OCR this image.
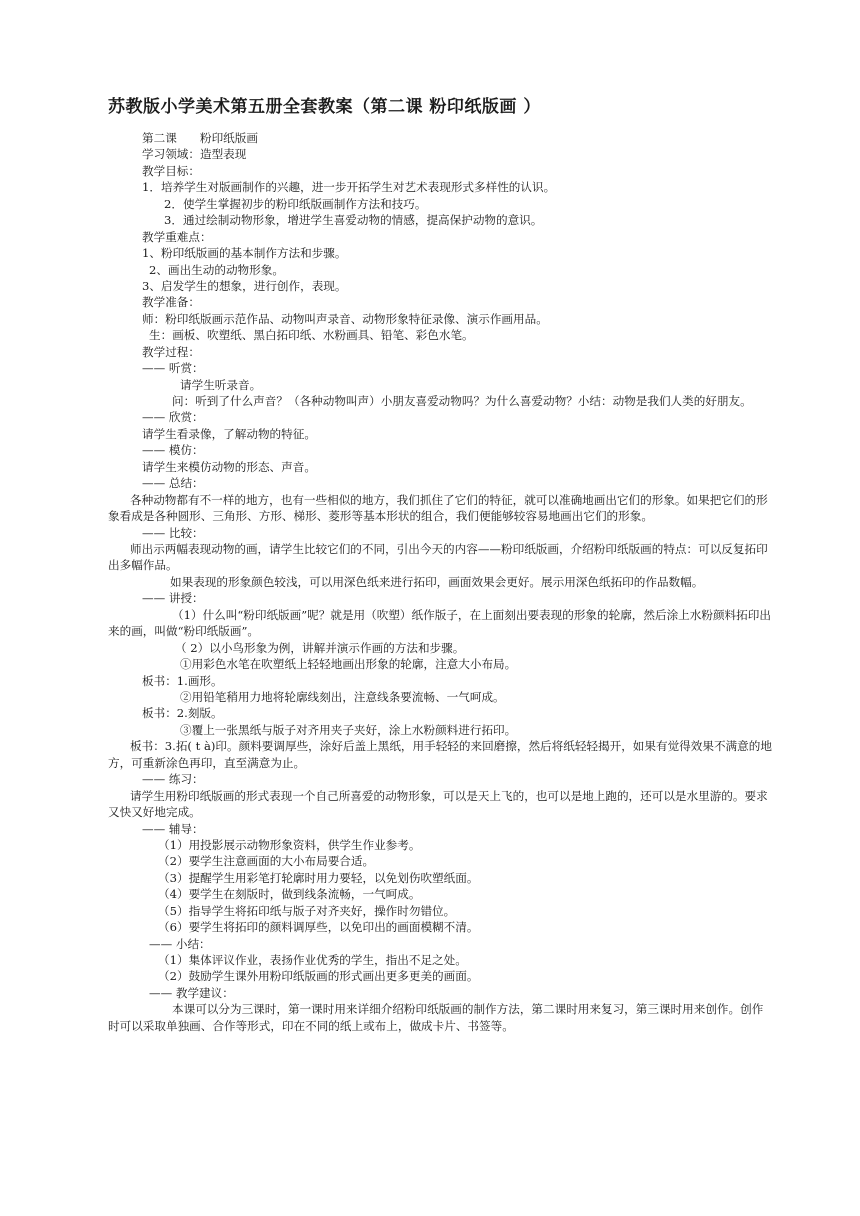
苏教版小学美术第五册全套教案（第二课 粉印纸版画 ）
第二课　　粉印纸版画
学习领域：造型表现
教学目标：
1．培养学生对版画制作的兴趣，进一步开拓学生对艺术表现形式多样性的认识。
2．使学生掌握初步的粉印纸版画制作方法和技巧。
3．通过绘制动物形象，增进学生喜爱动物的情感，提高保护动物的意识。
教学重难点：
1、粉印纸版画的基本制作方法和步骤。
2、画出生动的动物形象。
3、启发学生的想象，进行创作，表现。
教学准备：
师：粉印纸版画示范作品、动物叫声录音、动物形象特征录像、演示作画用品。
生：画板、吹塑纸、黑白拓印纸、水粉画具、铅笔、彩色水笔。
教学过程：
—— 听赏：
请学生听录音。
问：听到了什么声音？（各种动物叫声）小朋友喜爱动物吗？为什么喜爱动物？小结：动物是我们人类的好朋友。
—— 欣赏：
请学生看录像，了解动物的特征。
—— 模仿：
请学生来模仿动物的形态、声音。
—— 总结：
各种动物都有不一样的地方，也有一些相似的地方，我们抓住了它们的特征，就可以准确地画出它们的形象。如果把它们的形象看成是各种圆形、三角形、方形、梯形、菱形等基本形状的组合，我们便能够较容易地画出它们的形象。
—— 比较：
师出示两幅表现动物的画，请学生比较它们的不同，引出今天的内容——粉印纸版画，介绍粉印纸版画的特点：可以反复拓印出多幅作品。
如果表现的形象颜色较浅，可以用深色纸来进行拓印，画面效果会更好。展示用深色纸拓印的作品数幅。
—— 讲授：
（1）什么叫“粉印纸版画”呢？就是用（吹塑）纸作版子，在上面刻出要表现的形象的轮廓，然后涂上水粉颜料拓印出来的画，叫做“粉印纸版画”。
（ 2）以小鸟形象为例，讲解并演示作画的方法和步骤。
①用彩色水笔在吹塑纸上轻轻地画出形象的轮廓，注意大小布局。
板书：1.画形。
②用铅笔稍用力地将轮廓线刻出，注意线条要流畅、一气呵成。
板书：2.刻版。
③覆上一张黑纸与版子对齐用夹子夹好，涂上水粉颜料进行拓印。
板书：3.拓( t à)印。颜料要调厚些，涂好后盖上黑纸，用手轻轻的来回磨擦，然后将纸轻轻揭开，如果有觉得效果不满意的地方，可重新涂色再印，直至满意为止。
—— 练习：
请学生用粉印纸版画的形式表现一个自己所喜爱的动物形象，可以是天上飞的，也可以是地上跑的，还可以是水里游的。要求又快又好地完成。
—— 辅导：
（1）用投影展示动物形象资料，供学生作业参考。
（2）要学生注意画面的大小布局要合适。
（3）提醒学生用彩笔打轮廓时用力要轻，以免划伤吹塑纸面。
（4）要学生在刻版时，做到线条流畅，一气呵成。
（5）指导学生将拓印纸与版子对齐夹好，操作时勿错位。
（6）要学生将拓印的颜料调厚些，以免印出的画面模糊不清。
—— 小结：
（1）集体评议作业，表扬作业优秀的学生，指出不足之处。
（2）鼓励学生课外用粉印纸版画的形式画出更多更美的画面。
—— 教学建议：
本课可以分为三课时，第一课时用来详细介绍粉印纸版画的制作方法，第二课时用来复习，第三课时用来创作。创作时可以采取单独画、合作等形式，印在不同的纸上或布上，做成卡片、书签等。
